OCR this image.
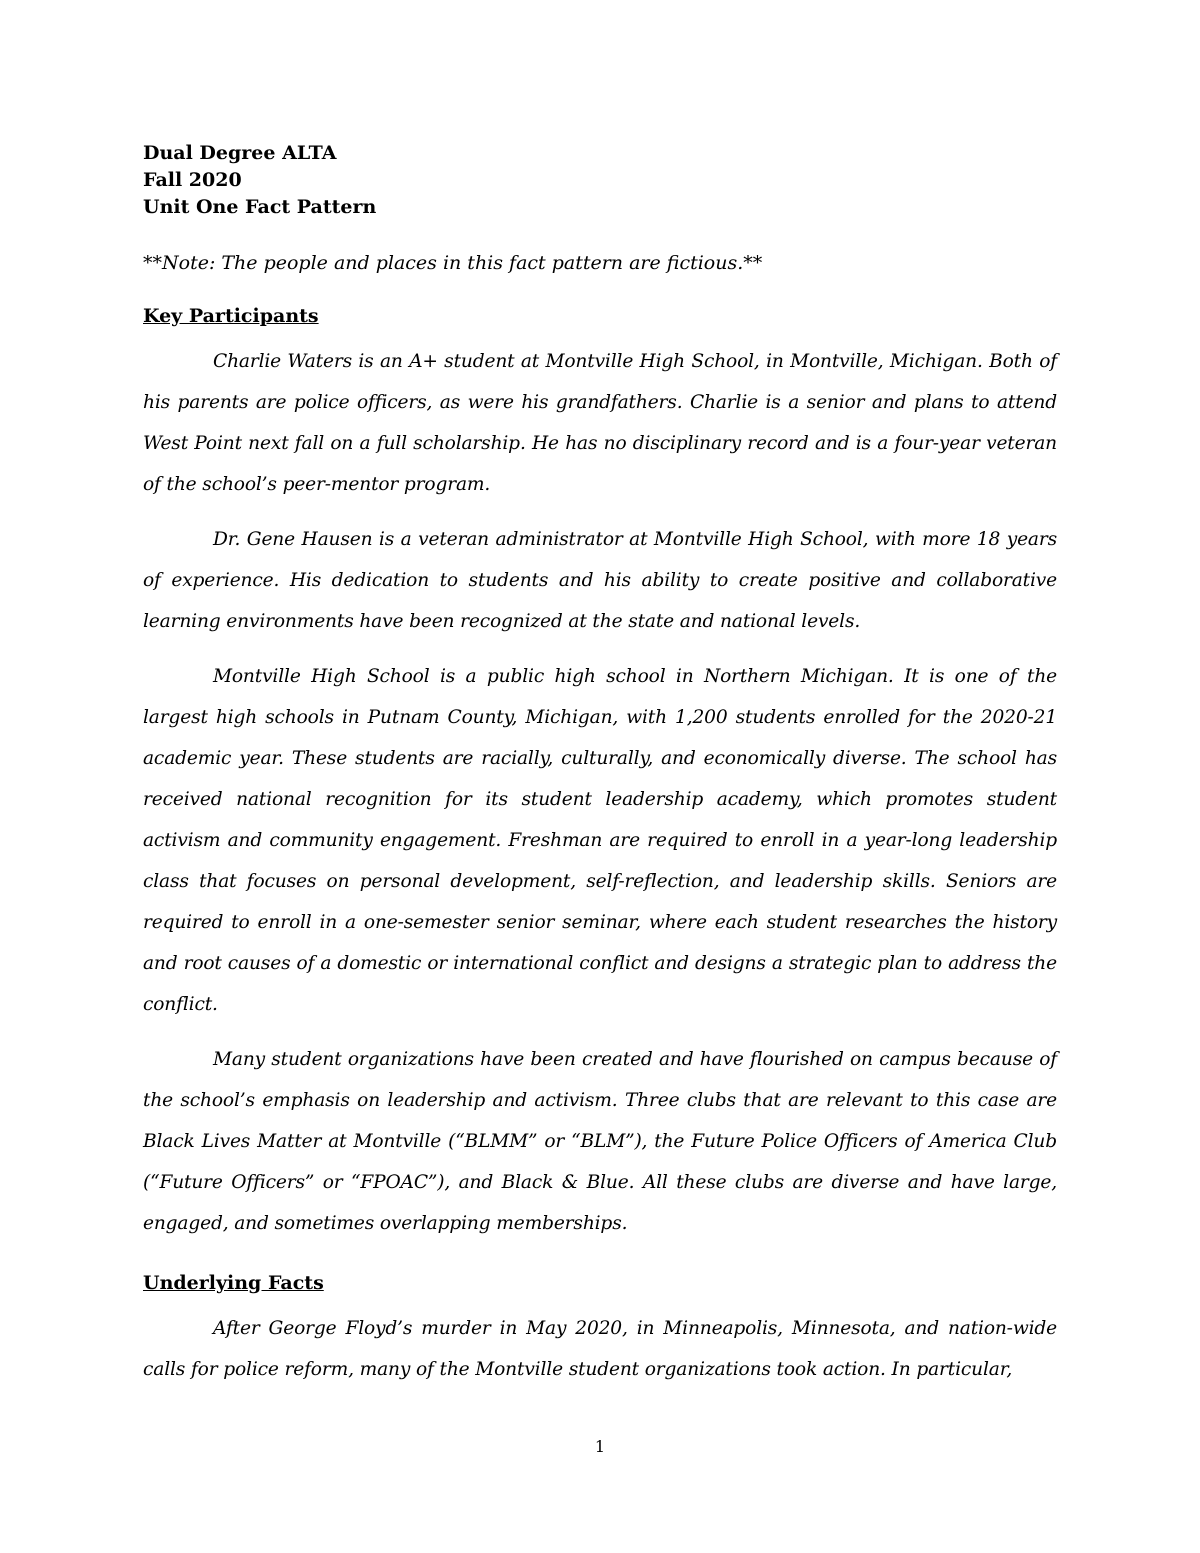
Dual Degree ALTA

Fall 2020

Unit One Fact Pattern

**Note: The people and places in this fact pattern are fictious.**

Key Participants

Charlie Waters is an A+ student at Montville High School, in Montville, Michigan. Both of his parents are police officers, as were his grandfathers. Charlie is a senior and plans to attend West Point next fall on a full scholarship. He has no disciplinary record and is a four-year veteran of the school’s peer-mentor program.

Dr. Gene Hausen is a veteran administrator at Montville High School, with more 18 years of experience. His dedication to students and his ability to create positive and collaborative learning environments have been recognized at the state and national levels.

Montville High School is a public high school in Northern Michigan. It is one of the largest high schools in Putnam County, Michigan, with 1,200 students enrolled for the 2020-21 academic year. These students are racially, culturally, and economically diverse. The school has received national recognition for its student leadership academy, which promotes student activism and community engagement. Freshman are required to enroll in a year-long leadership class that focuses on personal development, self-reflection, and leadership skills. Seniors are required to enroll in a one-semester senior seminar, where each student researches the history and root causes of a domestic or international conflict and designs a strategic plan to address the conflict.

Many student organizations have been created and have flourished on campus because of the school’s emphasis on leadership and activism. Three clubs that are relevant to this case are Black Lives Matter at Montville (“BLMM” or “BLM”), the Future Police Officers of America Club (“Future Officers” or “FPOAC”), and Black & Blue. All these clubs are diverse and have large, engaged, and sometimes overlapping memberships.

Underlying Facts

After George Floyd’s murder in May 2020, in Minneapolis, Minnesota, and nation-wide calls for police reform, many of the Montville student organizations took action. In particular,

1
